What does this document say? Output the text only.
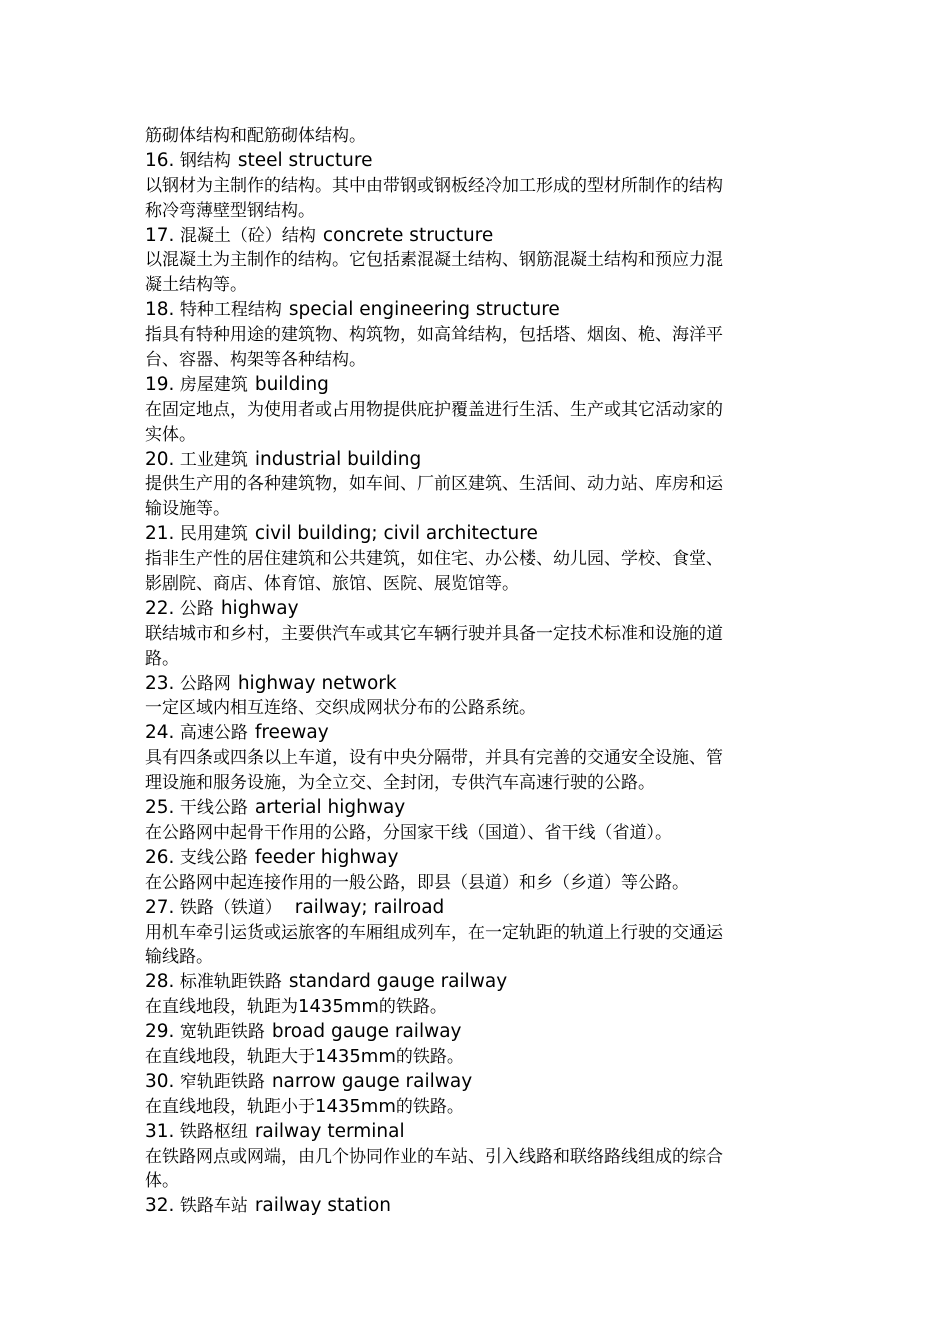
筋砌体结构和配筋砌体结构。
16. 钢结构 steel structure
以钢材为主制作的结构。其中由带钢或钢板经冷加工形成的型材所制作的结构
称冷弯薄壁型钢结构。
17. 混凝土（砼）结构 concrete structure
以混凝土为主制作的结构。它包括素混凝土结构、钢筋混凝土结构和预应力混
凝土结构等。
18. 特种工程结构 special engineering structure
指具有特种用途的建筑物、构筑物，如高耸结构，包括塔、烟囱、桅、海洋平
台、容器、构架等各种结构。
19. 房屋建筑 building
在固定地点，为使用者或占用物提供庇护覆盖进行生活、生产或其它活动家的
实体。
20. 工业建筑 industrial building
提供生产用的各种建筑物，如车间、厂前区建筑、生活间、动力站、库房和运
输设施等。
21. 民用建筑 civil building; civil architecture
指非生产性的居住建筑和公共建筑，如住宅、办公楼、幼儿园、学校、食堂、
影剧院、商店、体育馆、旅馆、医院、展览馆等。
22. 公路 highway
联结城市和乡村，主要供汽车或其它车辆行驶并具备一定技术标准和设施的道
路。
23. 公路网 highway network
一定区域内相互连络、交织成网状分布的公路系统。
24. 高速公路 freeway
具有四条或四条以上车道，设有中央分隔带，并具有完善的交通安全设施、管
理设施和服务设施，为全立交、全封闭，专供汽车高速行驶的公路。
25. 干线公路 arterial highway
在公路网中起骨干作用的公路，分国家干线（国道）、省干线（省道）。
26. 支线公路 feeder highway
在公路网中起连接作用的一般公路，即县（县道）和乡（乡道）等公路。
27. 铁路（铁道） railway; railroad
用机车牵引运货或运旅客的车厢组成列车，在一定轨距的轨道上行驶的交通运
输线路。
28. 标准轨距铁路 standard gauge railway
在直线地段，轨距为1435mm的铁路。
29. 宽轨距铁路 broad gauge railway
在直线地段，轨距大于1435mm的铁路。
30. 窄轨距铁路 narrow gauge railway
在直线地段，轨距小于1435mm的铁路。
31. 铁路枢纽 railway terminal
在铁路网点或网端，由几个协同作业的车站、引入线路和联络路线组成的综合
体。
32. 铁路车站 railway station
